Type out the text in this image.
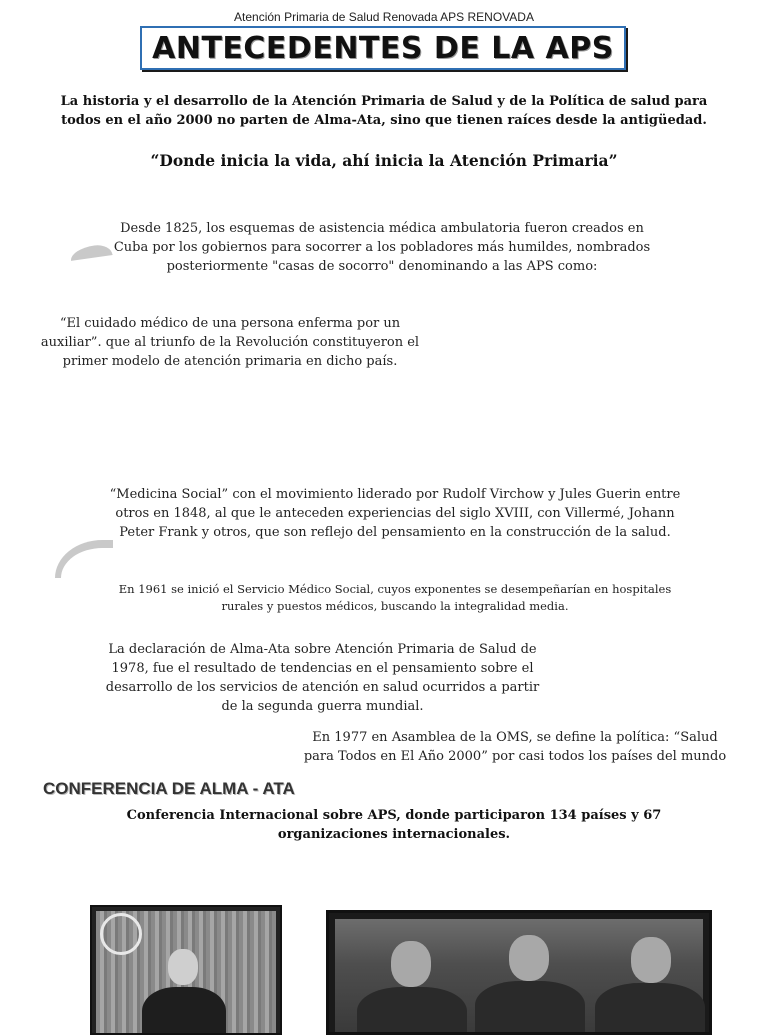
Atención Primaria de Salud Renovada APS RENOVADA
ANTECEDENTES DE LA APS
La historia y el desarrollo de la Atención Primaria de Salud y de la Política de salud para todos en el año 2000 no parten de Alma-Ata, sino que tienen raíces desde la antigüedad.
“Donde inicia la vida, ahí inicia la Atención Primaria”
Desde 1825, los esquemas de asistencia médica ambulatoria fueron creados en Cuba por los gobiernos para socorrer a los pobladores más humildes, nombrados posteriormente "casas de socorro" denominando a las APS como:
“El cuidado médico de una persona enferma por un auxiliar”. que al triunfo de la Revolución constituyeron el primer modelo de atención primaria en dicho país.
“Medicina Social” con el movimiento liderado por Rudolf Virchow y Jules Guerin entre otros en 1848, al que le anteceden experiencias del siglo XVIII, con Villermé, Johann Peter Frank y otros, que son reflejo del pensamiento en la construcción de la salud.
En 1961 se inició el Servicio Médico Social, cuyos exponentes se desempeñarían en hospitales rurales y puestos médicos, buscando la integralidad media.
La declaración de Alma-Ata sobre Atención Primaria de Salud de 1978, fue el resultado de tendencias en el pensamiento sobre el desarrollo de los servicios de atención en salud ocurridos a partir de la segunda guerra mundial.
En 1977 en Asamblea de la OMS, se define la política: “Salud para Todos en El Año 2000” por casi todos los países del mundo
CONFERENCIA DE ALMA - ATA
Conferencia Internacional sobre APS, donde participaron 134 países y 67 organizaciones internacionales.
